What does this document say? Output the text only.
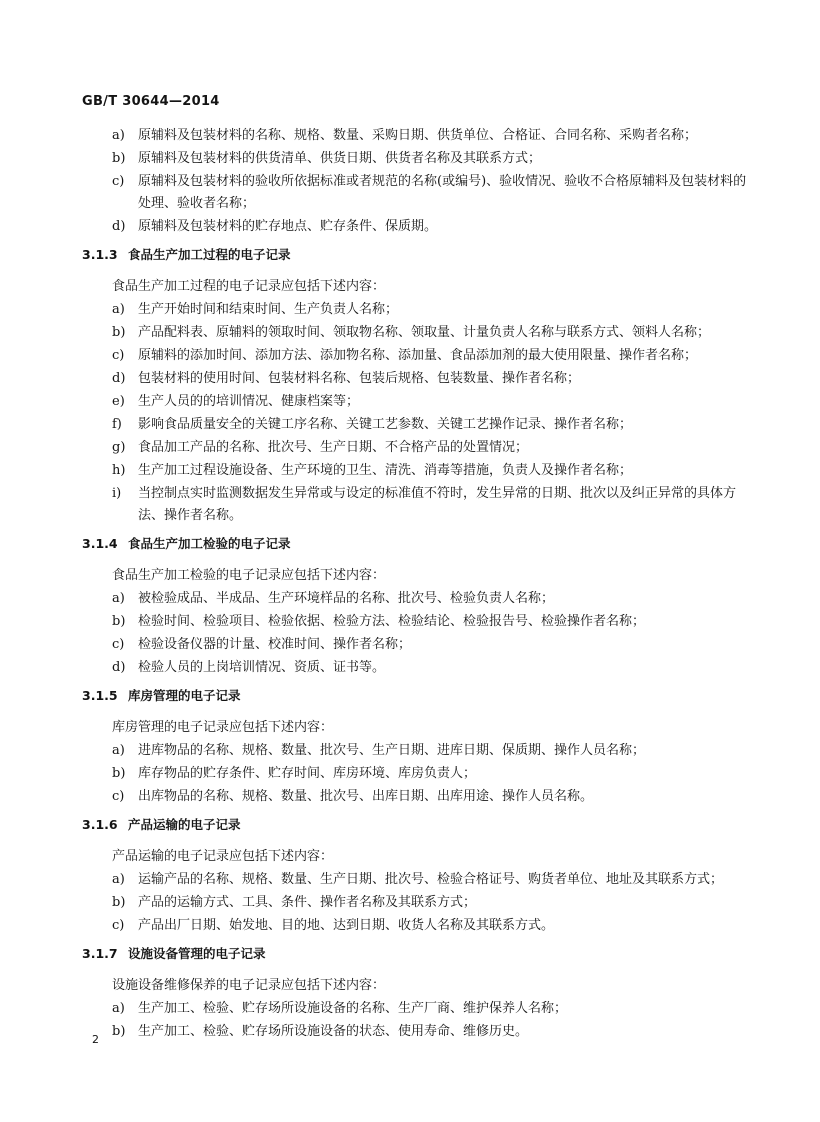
GB/T 30644—2014
a)	原辅料及包装材料的名称、规格、数量、采购日期、供货单位、合格证、合同名称、采购者名称；
b) 原辅料及包装材料的供货清单、供货日期、供货者名称及其联系方式；
c)	原辅料及包装材料的验收所依据标准或者规范的名称(或编号)、验收情况、验收不合格原辅料及包装材料的处理、验收者名称；
d) 原辅料及包装材料的贮存地点、贮存条件、保质期。
3.1.3 食品生产加工过程的电子记录
食品生产加工过程的电子记录应包括下述内容：
a)	生产开始时间和结束时间、生产负责人名称；
b) 产品配料表、原辅料的领取时间、领取物名称、领取量、计量负责人名称与联系方式、领料人名称；
c)	原辅料的添加时间、添加方法、添加物名称、添加量、食品添加剂的最大使用限量、操作者名称；
d) 包装材料的使用时间、包装材料名称、包装后规格、包装数量、操作者名称；
e)	生产人员的的培训情况、健康档案等；
f)	影响食品质量安全的关键工序名称、关键工艺参数、关键工艺操作记录、操作者名称；
g) 食品加工产品的名称、批次号、生产日期、不合格产品的处置情况；
h) 生产加工过程设施设备、生产环境的卫生、清洗、消毒等措施，负责人及操作者名称；
i)	当控制点实时监测数据发生异常或与设定的标准值不符时，发生异常的日期、批次以及纠正异常的具体方法、操作者名称。
3.1.4 食品生产加工检验的电子记录
食品生产加工检验的电子记录应包括下述内容：
a)	被检验成品、半成品、生产环境样品的名称、批次号、检验负责人名称；
b) 检验时间、检验项目、检验依据、检验方法、检验结论、检验报告号、检验操作者名称；
c)	检验设备仪器的计量、校准时间、操作者名称；
d) 检验人员的上岗培训情况、资质、证书等。
3.1.5 库房管理的电子记录
库房管理的电子记录应包括下述内容：
a)	进库物品的名称、规格、数量、批次号、生产日期、进库日期、保质期、操作人员名称；
b) 库存物品的贮存条件、贮存时间、库房环境、库房负责人；
c)	出库物品的名称、规格、数量、批次号、出库日期、出库用途、操作人员名称。
3.1.6 产品运输的电子记录
产品运输的电子记录应包括下述内容：
a)	运输产品的名称、规格、数量、生产日期、批次号、检验合格证号、购货者单位、地址及其联系方式；
b) 产品的运输方式、工具、条件、操作者名称及其联系方式；
c)	产品出厂日期、始发地、目的地、达到日期、收货人名称及其联系方式。
3.1.7 设施设备管理的电子记录
设施设备维修保养的电子记录应包括下述内容：
a)	生产加工、检验、贮存场所设施设备的名称、生产厂商、维护保养人名称；
b) 生产加工、检验、贮存场所设施设备的状态、使用寿命、维修历史。
2
